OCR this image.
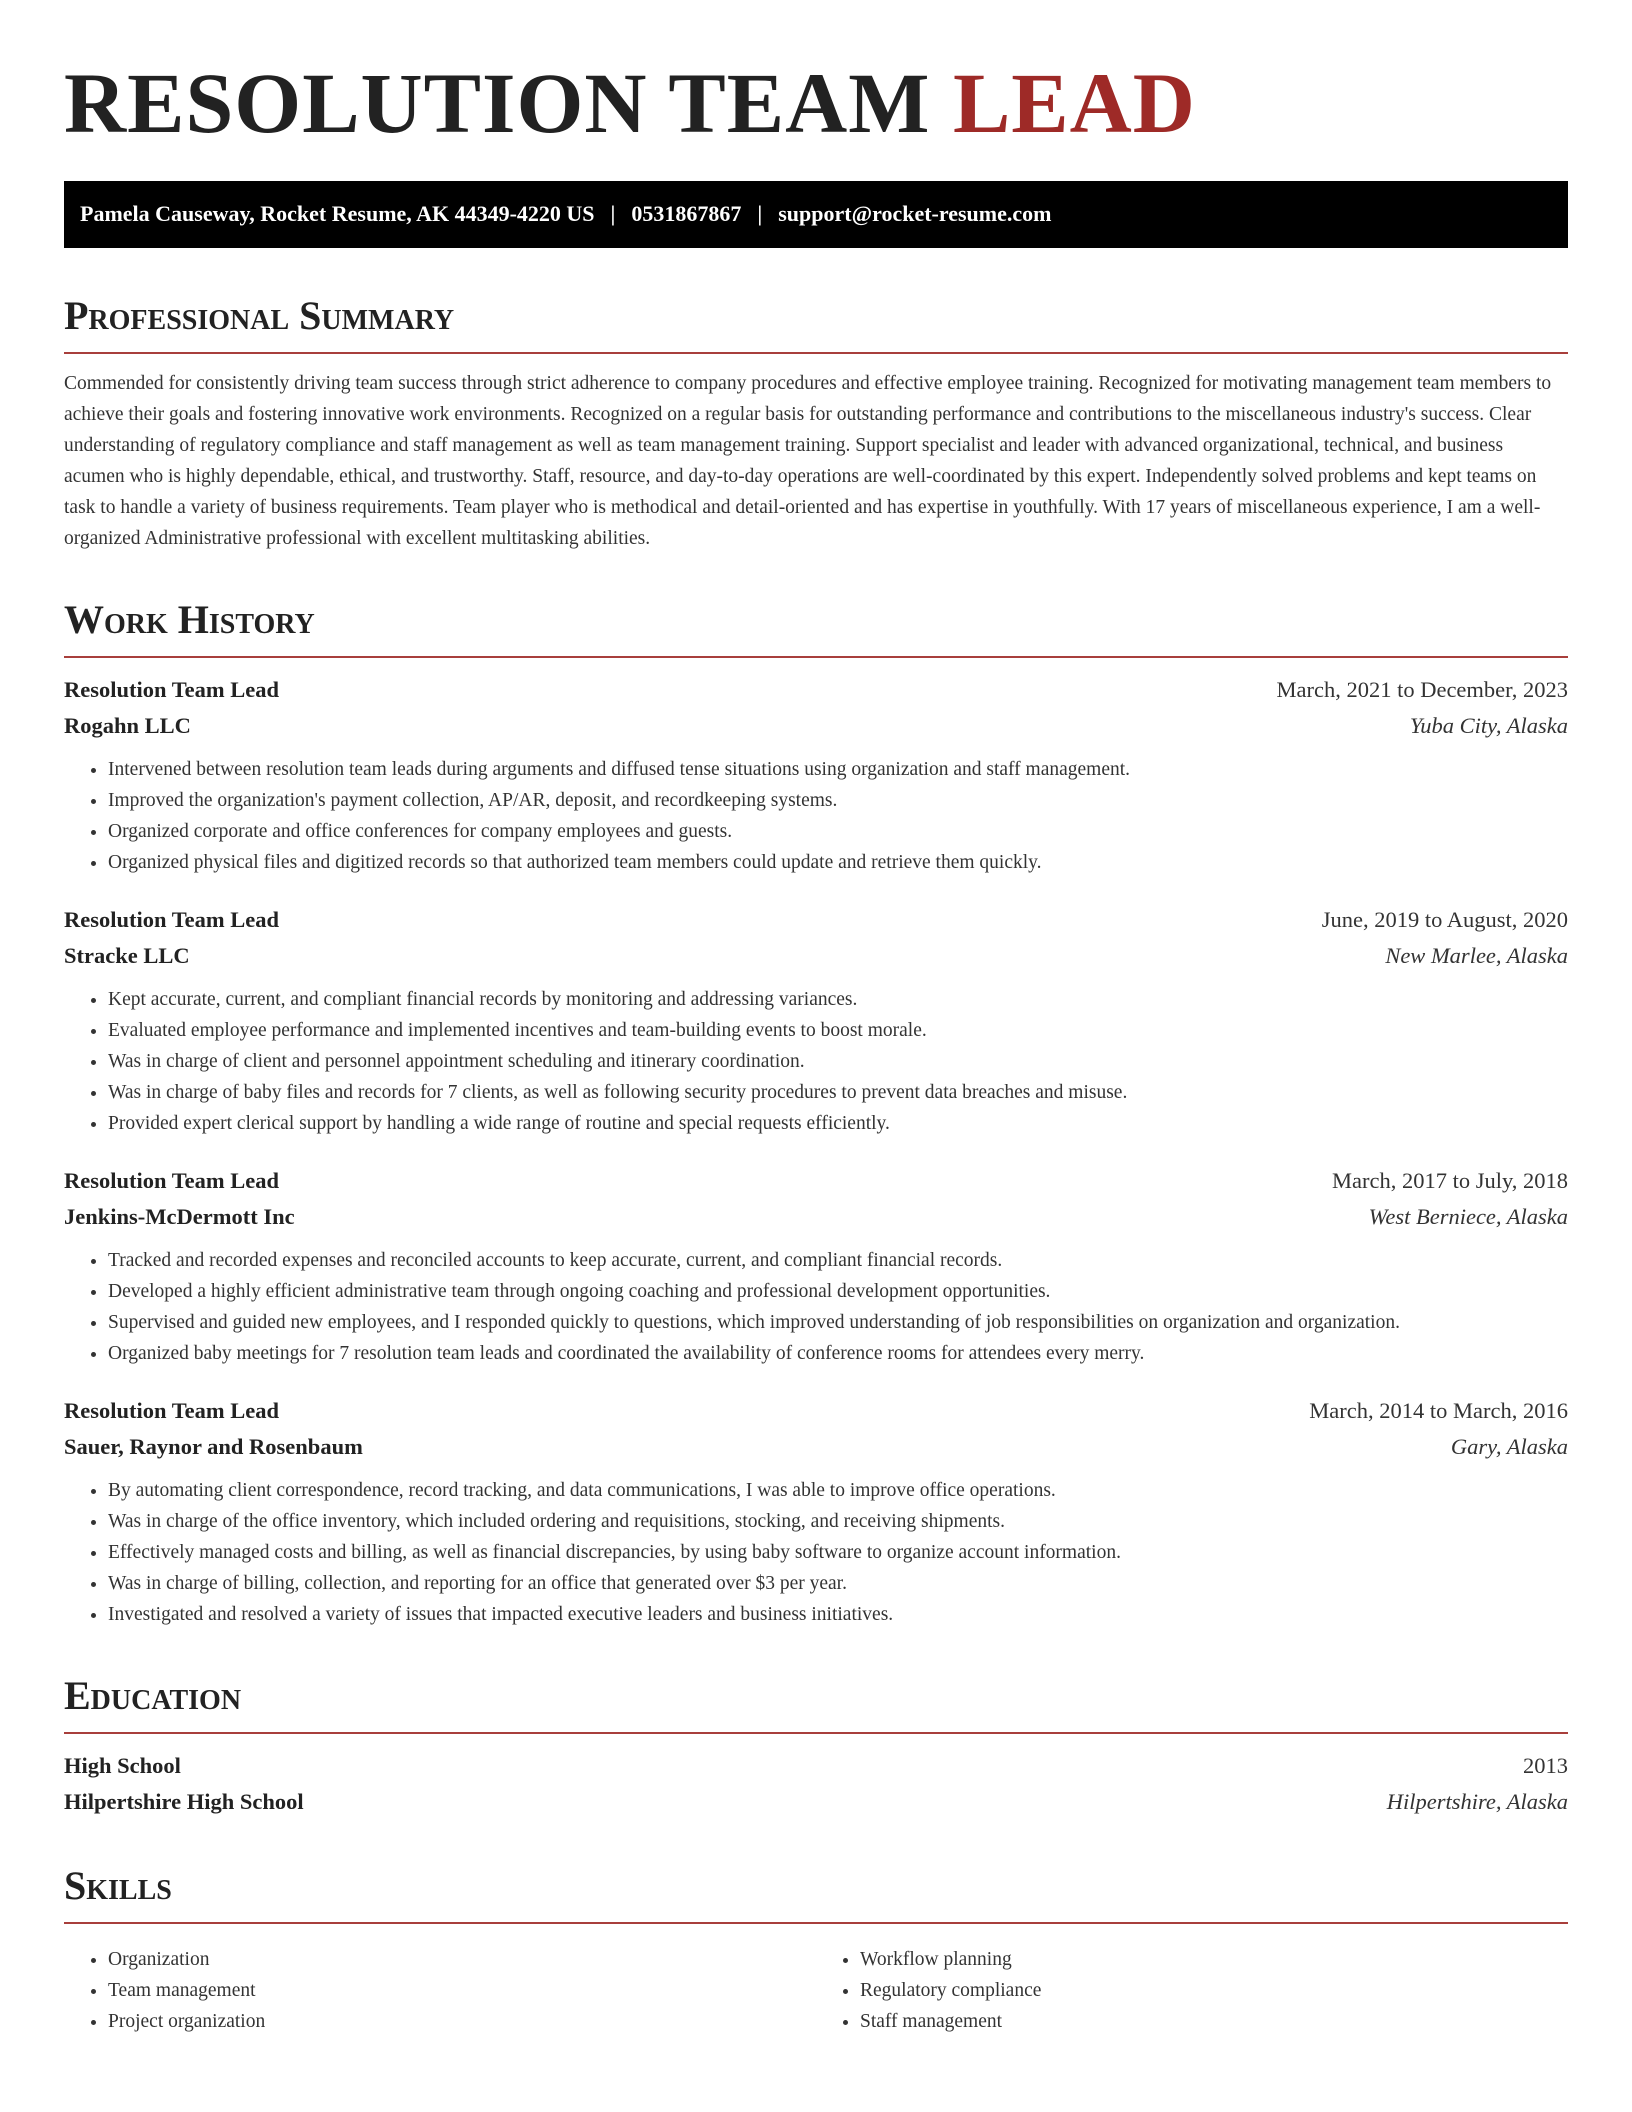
RESOLUTION TEAM LEAD
Pamela Causeway, Rocket Resume, AK 44349-4220 US | 0531867867 | support@rocket-resume.com
Professional Summary

Commended for consistently driving team success through strict adherence to company procedures and effective employee training. Recognized for motivating management team members to achieve their goals and fostering innovative work environments. Recognized on a regular basis for outstanding performance and contributions to the miscellaneous industry's success. Clear understanding of regulatory compliance and staff management as well as team management training. Support specialist and leader with advanced organizational, technical, and business acumen who is highly dependable, ethical, and trustworthy. Staff, resource, and day-to-day operations are well-coordinated by this expert. Independently solved problems and kept teams on task to handle a variety of business requirements. Team player who is methodical and detail-oriented and has expertise in youthfully. With 17 years of miscellaneous experience, I am a well-organized Administrative professional with excellent multitasking abilities.

Work History
Resolution Team Lead	March, 2021 to December, 2023
Rogahn LLC	Yuba City, Alaska
• Intervened between resolution team leads during arguments and diffused tense situations using organization and staff management.
• Improved the organization's payment collection, AP/AR, deposit, and recordkeeping systems.
• Organized corporate and office conferences for company employees and guests.
• Organized physical files and digitized records so that authorized team members could update and retrieve them quickly.
Resolution Team Lead	June, 2019 to August, 2020
Stracke LLC	New Marlee, Alaska
• Kept accurate, current, and compliant financial records by monitoring and addressing variances.
• Evaluated employee performance and implemented incentives and team-building events to boost morale.
• Was in charge of client and personnel appointment scheduling and itinerary coordination.
• Was in charge of baby files and records for 7 clients, as well as following security procedures to prevent data breaches and misuse.
• Provided expert clerical support by handling a wide range of routine and special requests efficiently.
Resolution Team Lead	March, 2017 to July, 2018
Jenkins-McDermott Inc	West Berniece, Alaska
• Tracked and recorded expenses and reconciled accounts to keep accurate, current, and compliant financial records.
• Developed a highly efficient administrative team through ongoing coaching and professional development opportunities.
• Supervised and guided new employees, and I responded quickly to questions, which improved understanding of job responsibilities on organization and organization.
• Organized baby meetings for 7 resolution team leads and coordinated the availability of conference rooms for attendees every merry.
Resolution Team Lead	March, 2014 to March, 2016
Sauer, Raynor and Rosenbaum	Gary, Alaska
• By automating client correspondence, record tracking, and data communications, I was able to improve office operations.
• Was in charge of the office inventory, which included ordering and requisitions, stocking, and receiving shipments.
• Effectively managed costs and billing, as well as financial discrepancies, by using baby software to organize account information.
• Was in charge of billing, collection, and reporting for an office that generated over $3 per year.
• Investigated and resolved a variety of issues that impacted executive leaders and business initiatives.
Education
High School	2013
Hilpertshire High School	Hilpertshire, Alaska
Skills
• Organization
• Team management
• Project organization
• Workflow planning
• Regulatory compliance
• Staff management
